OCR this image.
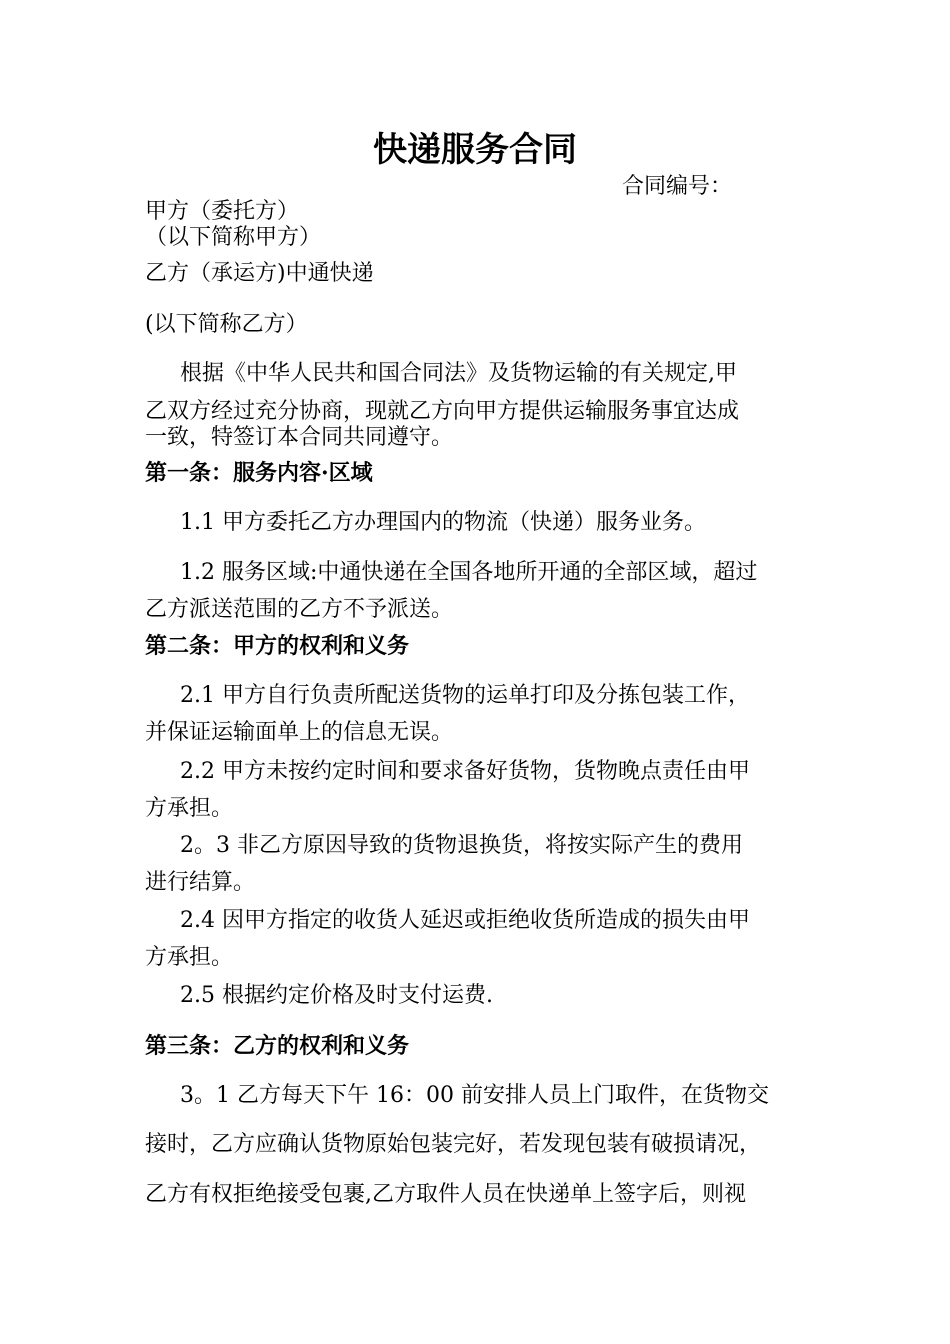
快递服务合同

合同编号：

甲方（委托方）

（以下简称甲方）

乙方（承运方)中通快递

(以下简称乙方）

根据《中华人民共和国合同法》及货物运输的有关规定,甲

乙双方经过充分协商，现就乙方向甲方提供运输服务事宜达成

一致，特签订本合同共同遵守。

第一条：服务内容·区域

1.1 甲方委托乙方办理国内的物流（快递）服务业务。

1.2 服务区域:中通快递在全国各地所开通的全部区域，超过

乙方派送范围的乙方不予派送。

第二条：甲方的权利和义务

2.1 甲方自行负责所配送货物的运单打印及分拣包装工作，

并保证运输面单上的信息无误。

2.2 甲方未按约定时间和要求备好货物，货物晚点责任由甲

方承担。

2。3 非乙方原因导致的货物退换货，将按实际产生的费用

进行结算。

2.4 因甲方指定的收货人延迟或拒绝收货所造成的损失由甲

方承担。

2.5 根据约定价格及时支付运费.

第三条：乙方的权利和义务

3。1 乙方每天下午 16：00 前安排人员上门取件，在货物交

接时，乙方应确认货物原始包装完好，若发现包装有破损请况，

乙方有权拒绝接受包裹,乙方取件人员在快递单上签字后，则视
